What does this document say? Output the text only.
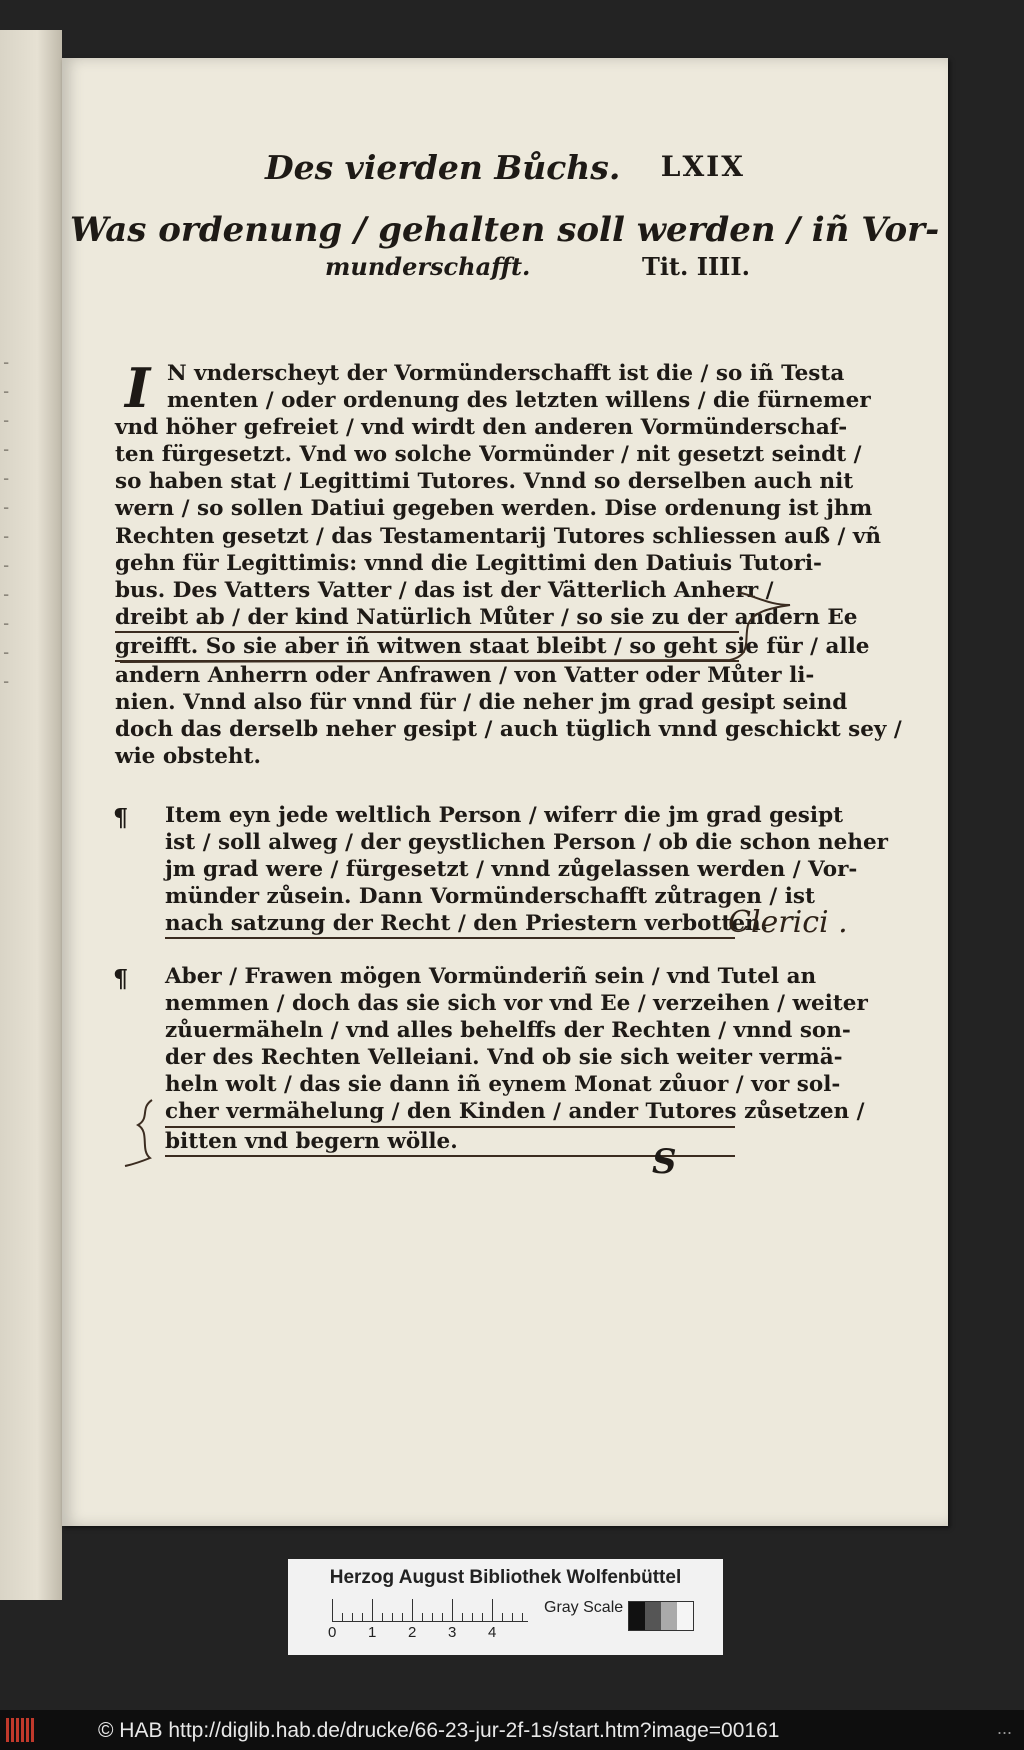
╴
╴
╴
╴
╴
╴
╴
╴
╴
╴
╴
╴
Des vierden Bůchs. LXIX
Was ordenung / gehalten soll werden / iñ Vor-
munderschafft.	Tit. IIII.
I N vnderscheyt der Vormünderschafft ist die / so iñ Testa
menten / oder ordenung des letzten willens / die fürnemer
vnd höher gefreiet / vnd wirdt den anderen Vormünderschaf-
ten fürgesetzt. Vnd wo solche Vormünder / nit gesetzt seindt /
so haben stat / Legittimi Tutores. Vnnd so derselben auch nit
wern / so sollen Datiui gegeben werden. Dise ordenung ist jhm
Rechten gesetzt / das Testamentarij Tutores schliessen auß / vñ
gehn für Legittimis: vnnd die Legittimi den Datiuis Tutori-
bus. Des Vatters Vatter / das ist der Vätterlich Anherr /
dreibt ab / der kind Natürlich Můter / so sie zu der andern Ee
greifft. So sie aber iñ witwen staat bleibt / so geht sie für / alle
andern Anherrn oder Anfrawen / von Vatter oder Můter li-
nien. Vnnd also für vnnd für / die neher jm grad gesipt seind
doch das derselb neher gesipt / auch tüglich vnnd geschickt sey /
wie obsteht.
¶ Item eyn jede weltlich Person / wiferr die jm grad gesipt
ist / soll alweg / der geystlichen Person / ob die schon neher
jm grad were / fürgesetzt / vnnd zůgelassen werden / Vor-
münder zůsein. Dann Vormünderschafft zůtragen / ist
nach satzung der Recht / den Priestern verbotten.
¶ Aber / Frawen mögen Vormünderiñ sein / vnd Tutel an
nemmen / doch das sie sich vor vnd Ee / verzeihen / weiter
zůuermäheln / vnd alles behelffs der Rechten / vnnd son-
der des Rechten Velleiani. Vnd ob sie sich weiter vermä-
heln wolt / das sie dann iñ eynem Monat zůuor / vor sol-
cher vermähelung / den Kinden / ander Tutores zůsetzen /
bitten vnd begern wölle.
Clerici .
S
Herzog August Bibliothek Wolfenbüttel
0 1 2 3 4
Gray Scale
© HAB http://diglib.hab.de/drucke/66-23-jur-2f-1s/start.htm?image=00161	...
